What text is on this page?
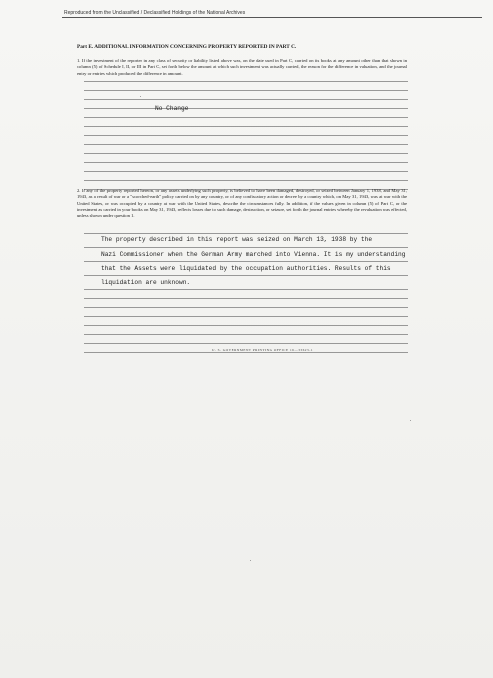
Reproduced from the Unclassified / Declassified Holdings of the National Archives
Part E. ADDITIONAL INFORMATION CONCERNING PROPERTY REPORTED IN PART C.
1. If the investment of the reporter in any class of security or liability listed above was, on the date used in Part C, carried on its books at any amount other than that shown in column (5) of Schedule I, II, or III in Part C, set forth below the amount at which such investment was actually carried, the reason for the difference in valuation, and the journal entry or entries which produced the difference in amount.
No Change
2. If any of the property reported hereon, or any assets underlying such property, is believed to have been damaged, destroyed, or seized between January 1, 1938, and May 31, 1943, as a result of war or a "scorched-earth" policy carried on by any country, or of any confiscatory action or decree by a country which, on May 31, 1943, was at war with the United States, or was occupied by a country at war with the United States, describe the circumstances fully. In addition, if the values given in column (5) of Part C, or the investment as carried in your books on May 31, 1943, reflects losses due to such damage, destruction, or seizure, set forth the journal entries whereby the revaluation was effected, unless shown under question 1.
The property described in this report was seized on March 13, 1938 by the
Nazi Commissioner when the German Army marched into Vienna. It is my understanding
that the Assets were liquidated by the occupation authorities. Results of this
liquidation are unknown.
U. S. GOVERNMENT PRINTING OFFICE 16—33623-1
